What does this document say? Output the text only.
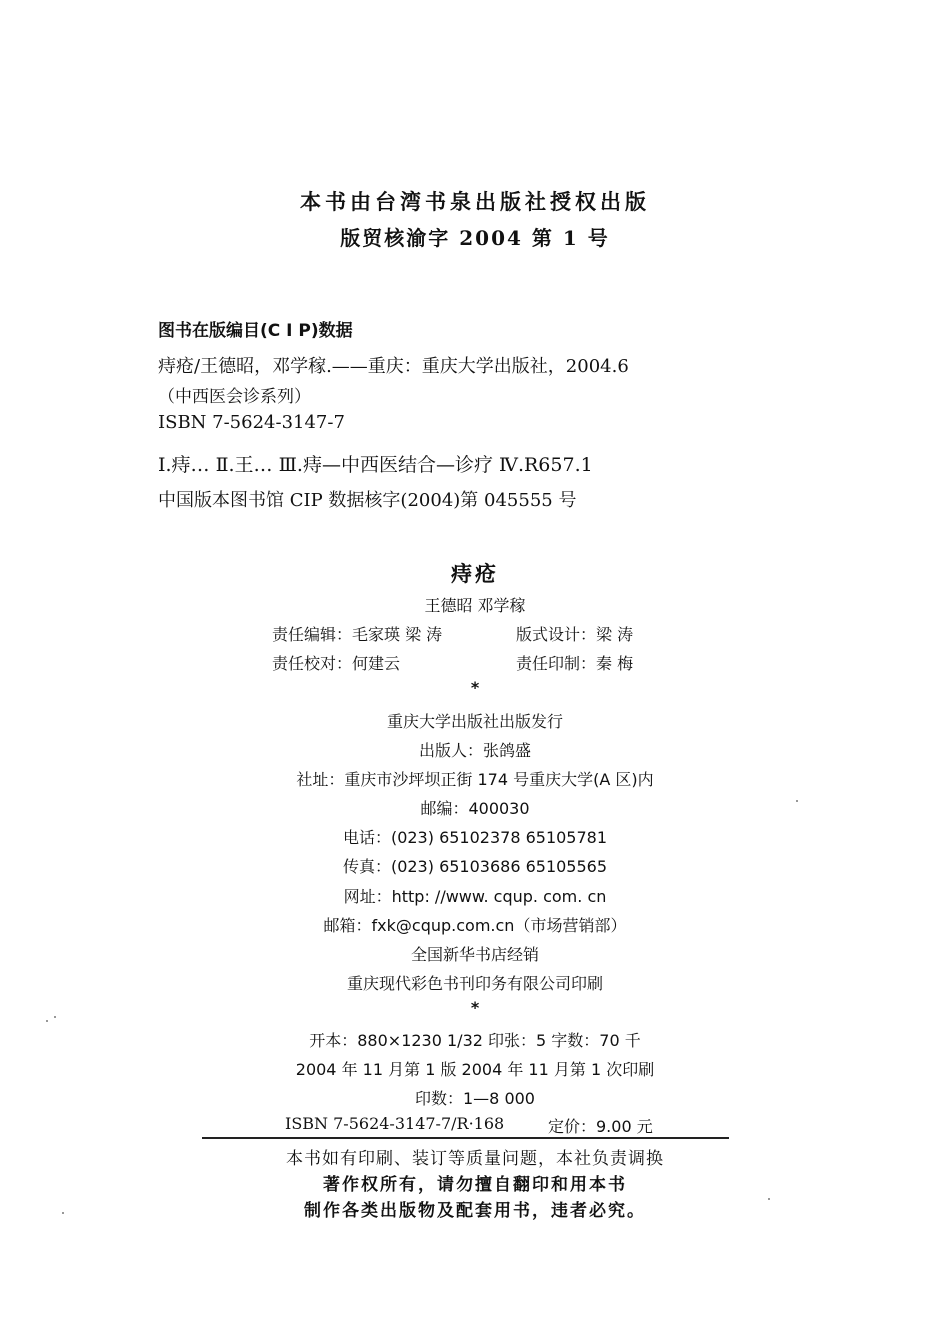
本书由台湾书泉出版社授权出版
版贸核渝字 2004 第 1 号
图书在版编目(C I P)数据
痔疮/王德昭，邓学稼.——重庆：重庆大学出版社，2004.6
（中西医会诊系列）
ISBN 7-5624-3147-7
Ⅰ.痔… Ⅱ.王… Ⅲ.痔—中西医结合—诊疗 Ⅳ.R657.1
中国版本图书馆 CIP 数据核字(2004)第 045555 号
痔疮
王德昭 邓学稼
责任编辑：毛家瑛 梁 涛	版式设计：梁 涛
责任校对：何建云	责任印制：秦 梅
*
重庆大学出版社出版发行
出版人：张鸽盛
社址：重庆市沙坪坝正街 174 号重庆大学(A 区)内
邮编：400030
电话：(023) 65102378 65105781
传真：(023) 65103686 65105565
网址：http: //www. cqup. com. cn
邮箱：fxk@cqup.com.cn（市场营销部）
全国新华书店经销
重庆现代彩色书刊印务有限公司印刷
*
开本：880×1230 1/32 印张：5 字数：70 千
2004 年 11 月第 1 版 2004 年 11 月第 1 次印刷
印数：1—8 000
ISBN 7-5624-3147-7/R·168	定价：9.00 元
本书如有印刷、装订等质量问题，本社负责调换
著作权所有，请勿擅自翻印和用本书
制作各类出版物及配套用书，违者必究。
